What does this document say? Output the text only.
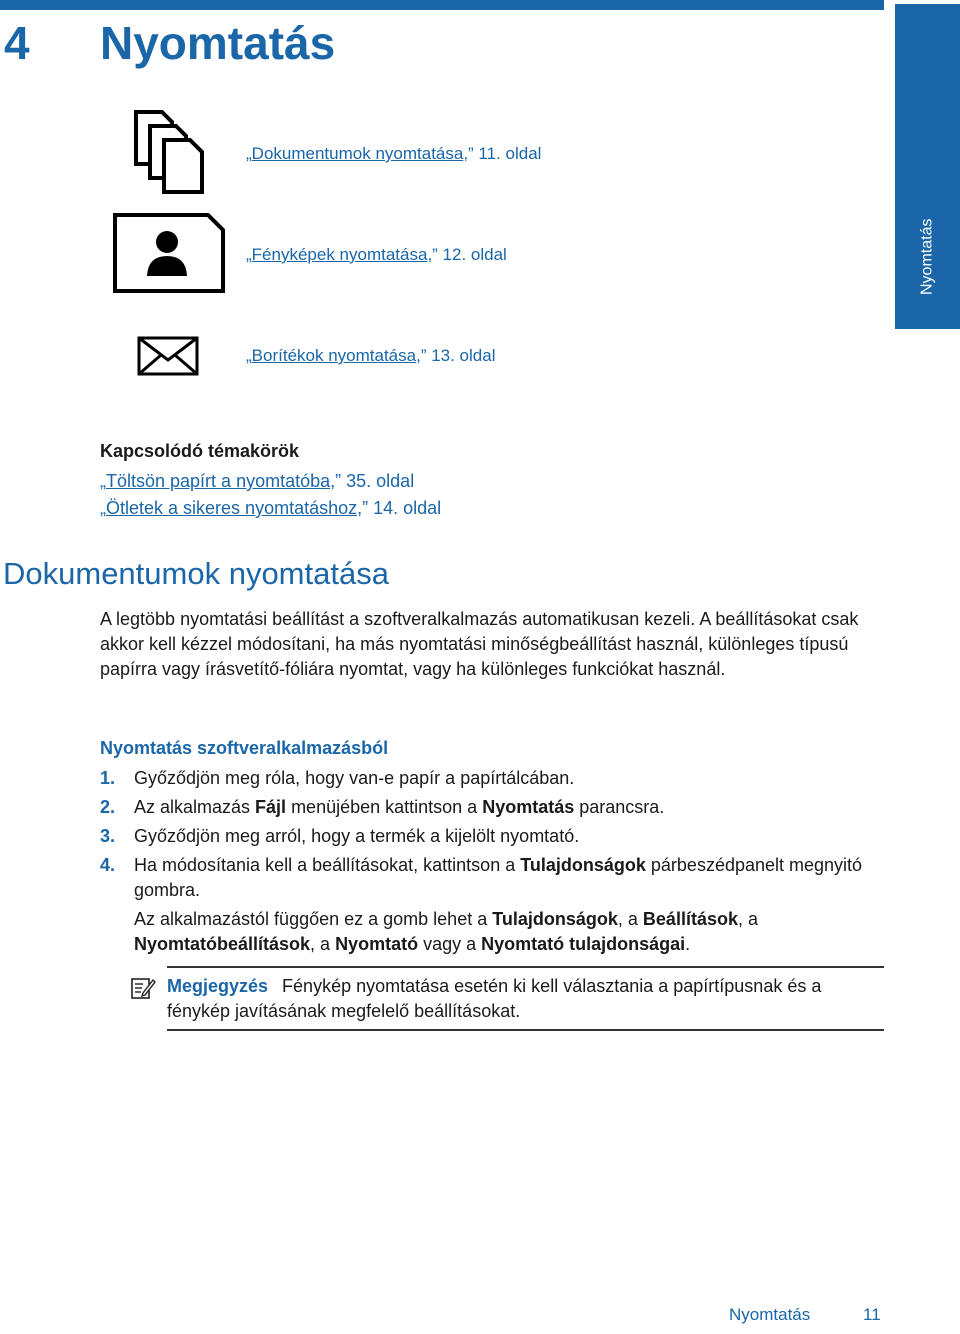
Nyomtatás
4 Nyomtatás
„Dokumentumok nyomtatása,” 11. oldal
„Fényképek nyomtatása,” 12. oldal
„Borítékok nyomtatása,” 13. oldal
Kapcsolódó témakörök
„Töltsön papírt a nyomtatóba,” 35. oldal
„Ötletek a sikeres nyomtatáshoz,” 14. oldal
Dokumentumok nyomtatása
A legtöbb nyomtatási beállítást a szoftveralkalmazás automatikusan kezeli. A beállításokat csak akkor kell kézzel módosítani, ha más nyomtatási minőségbeállítást használ, különleges típusú papírra vagy írásvetítő-fóliára nyomtat, vagy ha különleges funkciókat használ.
Nyomtatás szoftveralkalmazásból
1.	Győződjön meg róla, hogy van-e papír a papírtálcában.
2.	Az alkalmazás Fájl menüjében kattintson a Nyomtatás parancsra.
3.	Győződjön meg arról, hogy a termék a kijelölt nyomtató.
4.	Ha módosítania kell a beállításokat, kattintson a Tulajdonságok párbeszédpanelt megnyitó gombra.
Az alkalmazástól függően ez a gomb lehet a Tulajdonságok, a Beállítások, a Nyomtatóbeállítások, a Nyomtató vagy a Nyomtató tulajdonságai.
Megjegyzés Fénykép nyomtatása esetén ki kell választania a papírtípusnak és a fénykép javításának megfelelő beállításokat.
Nyomtatás	11
